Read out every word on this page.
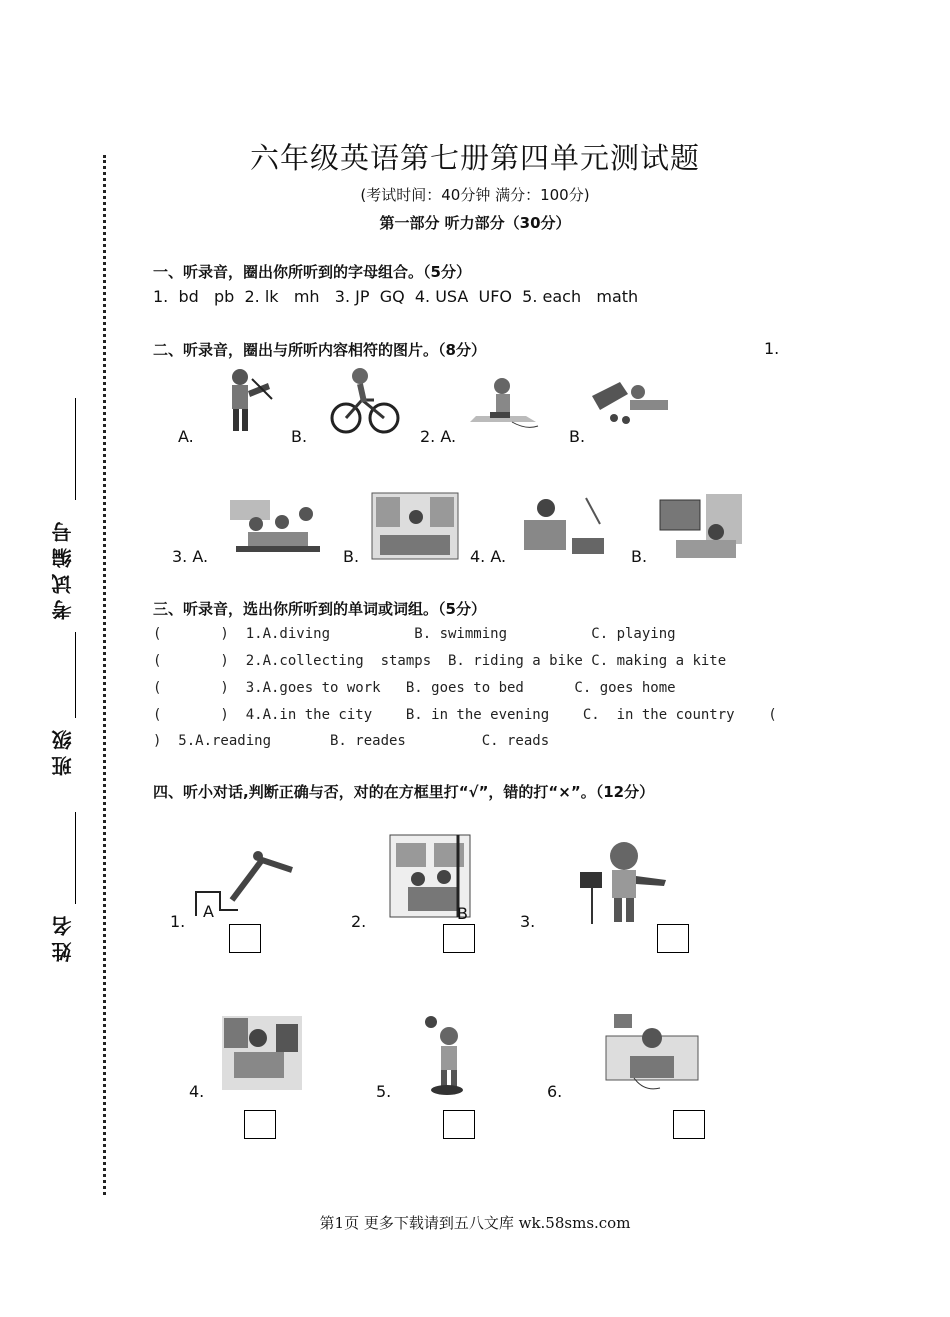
六年级英语第七册第四单元测试题
(考试时间：40分钟 满分：100分)
第一部分 听力部分（30分）
考试编号
班级
姓名
一、听录音，圈出你所听到的字母组合。（5分）
1.  bd   pb  2. lk   mh   3. JP  GQ  4. USA  UFO  5. each   math
二、听录音，圈出与所听内容相符的图片。（8分）	1.
A.	B.	2. A.	B.
3. A.	B.	4. A.	B.
三、听录音，选出你所听到的单词或词组。（5分）
(       )  1.A.diving          B. swimming          C. playing
(       )  2.A.collecting  stamps  B. riding a bike C. making a kite
(       )  3.A.goes to work   B. goes to bed      C. goes home
(       )  4.A.in the city    B. in the evening    C.  in the country    (
)  5.A.reading       B. reades         C. reads
四、听小对话,判断正确与否，对的在方框里打“√”，错的打“×”。（12分）
1.
A
2.	B	3.
4.	5.	6.
第1页 更多下载请到五八文库 wk.58sms.com
